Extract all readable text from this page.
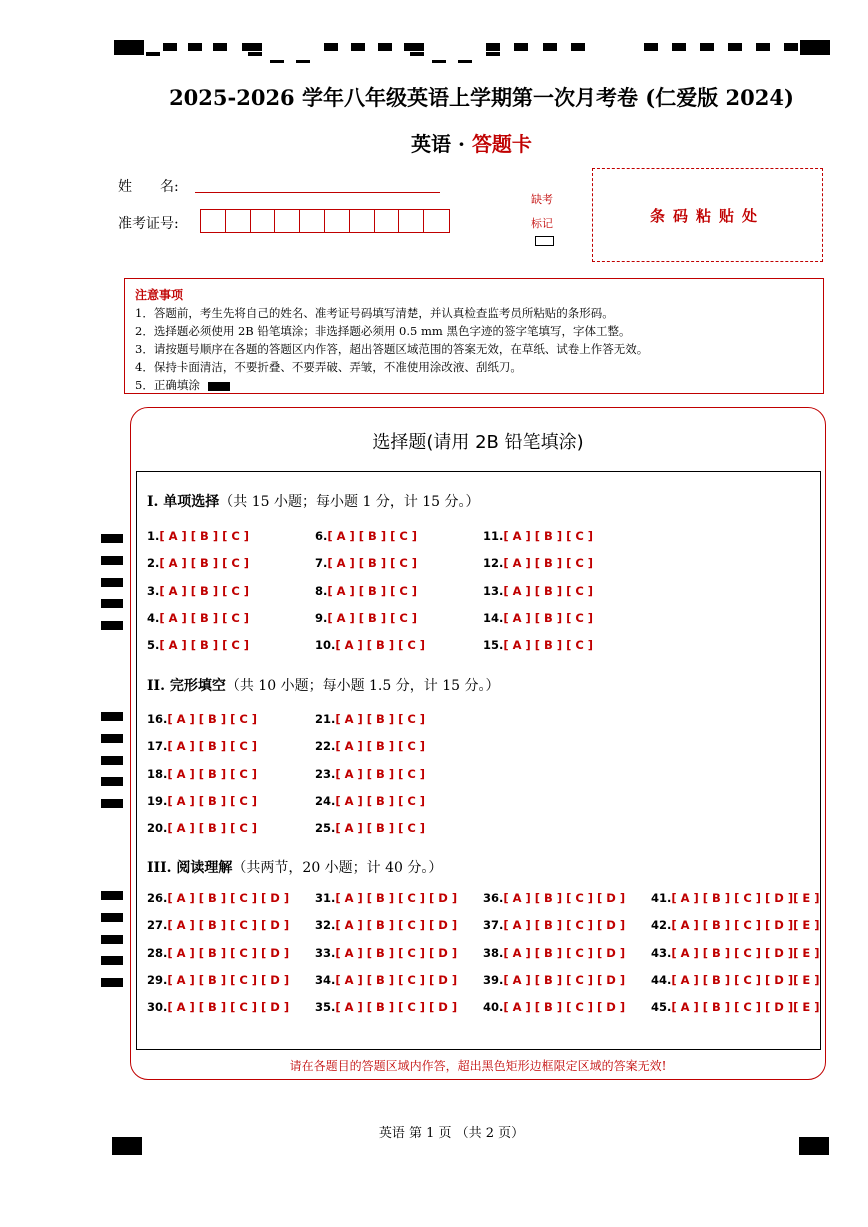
2025-2026 学年八年级英语上学期第一次月考卷 (仁爱版 2024)
英语 · 答题卡
姓　　名:
准考证号:
缺考
标记	条码粘贴处
注意事项
1．答题前，考生先将自己的姓名、准考证号码填写清楚，并认真检查监考员所粘贴的条形码。
2．选择题必须使用 2B 铅笔填涂；非选择题必须用 0.5 mm 黑色字迹的签字笔填写，字体工整。
3．请按题号顺序在各题的答题区内作答，超出答题区域范围的答案无效，在草纸、试卷上作答无效。
4．保持卡面清洁，不要折叠、不要弄破、弄皱，不准使用涂改液、刮纸刀。
5．正确填涂
选择题(请用 2B 铅笔填涂)
I. 单项选择（共 15 小题；每小题 1 分，计 15 分。）
II. 完形填空（共 10 小题；每小题 1.5 分，计 15 分。）
III. 阅读理解（共两节，20 小题；计 40 分。）
1.[ A ] [ B ] [ C ]
2.[ A ] [ B ] [ C ]
3.[ A ] [ B ] [ C ]
4.[ A ] [ B ] [ C ]
5.[ A ] [ B ] [ C ]
6.[ A ] [ B ] [ C ]
7.[ A ] [ B ] [ C ]
8.[ A ] [ B ] [ C ]
9.[ A ] [ B ] [ C ]
10.[ A ] [ B ] [ C ]
11.[ A ] [ B ] [ C ]
12.[ A ] [ B ] [ C ]
13.[ A ] [ B ] [ C ]
14.[ A ] [ B ] [ C ]
15.[ A ] [ B ] [ C ]
16.[ A ] [ B ] [ C ]
17.[ A ] [ B ] [ C ]
18.[ A ] [ B ] [ C ]
19.[ A ] [ B ] [ C ]
20.[ A ] [ B ] [ C ]
21.[ A ] [ B ] [ C ]
22.[ A ] [ B ] [ C ]
23.[ A ] [ B ] [ C ]
24.[ A ] [ B ] [ C ]
25.[ A ] [ B ] [ C ]
26.[ A ] [ B ] [ C ] [ D ]
27.[ A ] [ B ] [ C ] [ D ]
28.[ A ] [ B ] [ C ] [ D ]
29.[ A ] [ B ] [ C ] [ D ]
30.[ A ] [ B ] [ C ] [ D ]
31.[ A ] [ B ] [ C ] [ D ]
32.[ A ] [ B ] [ C ] [ D ]
33.[ A ] [ B ] [ C ] [ D ]
34.[ A ] [ B ] [ C ] [ D ]
35.[ A ] [ B ] [ C ] [ D ]
36.[ A ] [ B ] [ C ] [ D ]
37.[ A ] [ B ] [ C ] [ D ]
38.[ A ] [ B ] [ C ] [ D ]
39.[ A ] [ B ] [ C ] [ D ]
40.[ A ] [ B ] [ C ] [ D ]
41.[ A ] [ B ] [ C ] [ D ][ E ]
42.[ A ] [ B ] [ C ] [ D ][ E ]
43.[ A ] [ B ] [ C ] [ D ][ E ]
44.[ A ] [ B ] [ C ] [ D ][ E ]
45.[ A ] [ B ] [ C ] [ D ][ E ]
请在各题目的答题区域内作答，超出黑色矩形边框限定区域的答案无效!
英语 第 1 页 （共 2 页）
